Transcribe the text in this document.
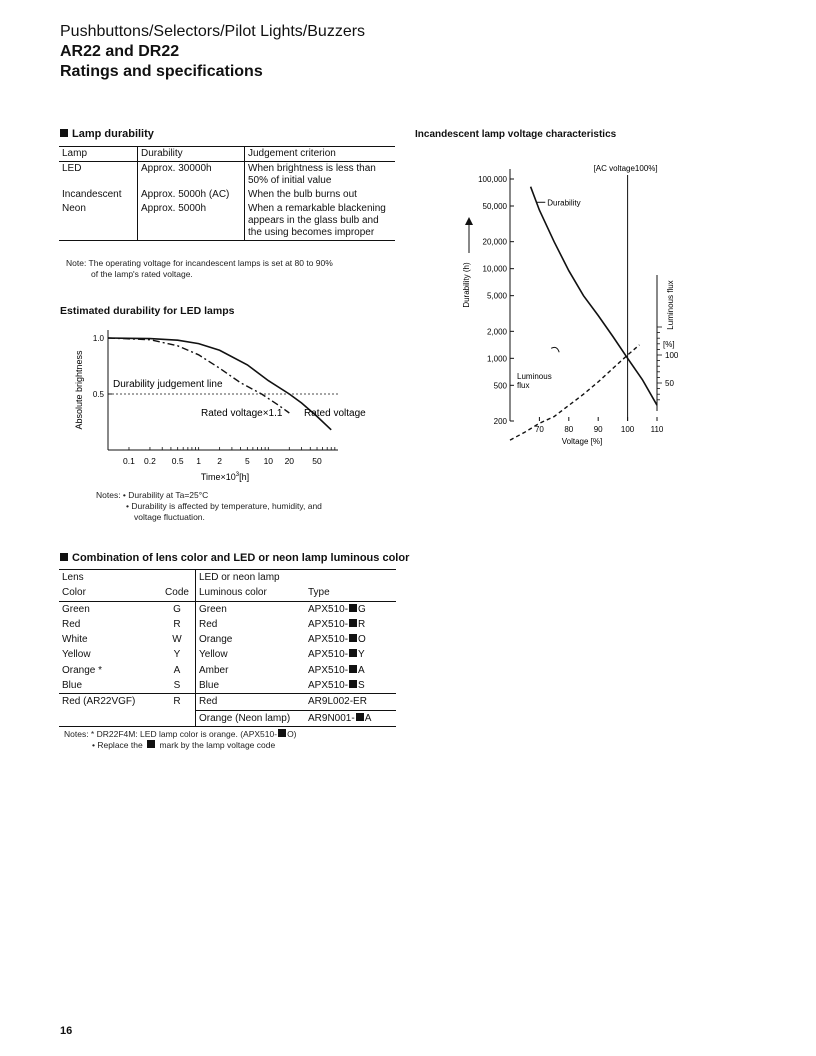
Pushbuttons/Selectors/Pilot Lights/Buzzers
AR22 and DR22
Ratings and specifications
Lamp durability
Lamp	Durability	Judgement criterion
LED	Approx. 30000h	When brightness is less than 50% of initial value
Incandescent	Approx. 5000h (AC)	When the bulb burns out
Neon	Approx. 5000h	When a remarkable blackening appears in the glass bulb and the using becomes improper
Note: The operating voltage for incandescent lamps is set at 80 to 90%
of the lamp's rated voltage.
Estimated durability for LED lamps
1.0
0.5
0.1 0.2 0.5 1 2	5 10 20 50
$Time\times 10^3[h]$
Absolute brightness	Durability judgement line
Rated voltage×1.1 Rated voltage
Notes: • Durability at Ta=25°C
• Durability is affected by temperature, humidity, and
voltage fluctuation.
Incandescent lamp voltage characteristics
100,000
50,000
20,000
10,000
5,000
2,000
1,000
500
200
70	80	90 100 110
Voltage [%]
Durability (h)	Luminous flux
[%]
100
50
[AC voltage100%]
Durability
Luminous
flux
Combination of lens color and LED or neon lamp luminous color
Lens		LED or neon lamp	
Color	Code	Luminous color	Type
Green	G	Green	APX510- G
Red	R	Red	APX510- R
White	W	Orange	APX510- O
Yellow	Y	Yellow	APX510- Y
Orange *	A	Amber	APX510- A
Blue	S	Blue	APX510- S
Red (AR22VGF)	R	Red	AR9L002-ER
		Orange (Neon lamp)	AR9N001- A
Notes: * DR22F4M: LED lamp color is orange. (APX510- O)
• Replace the mark by the lamp voltage code
16
